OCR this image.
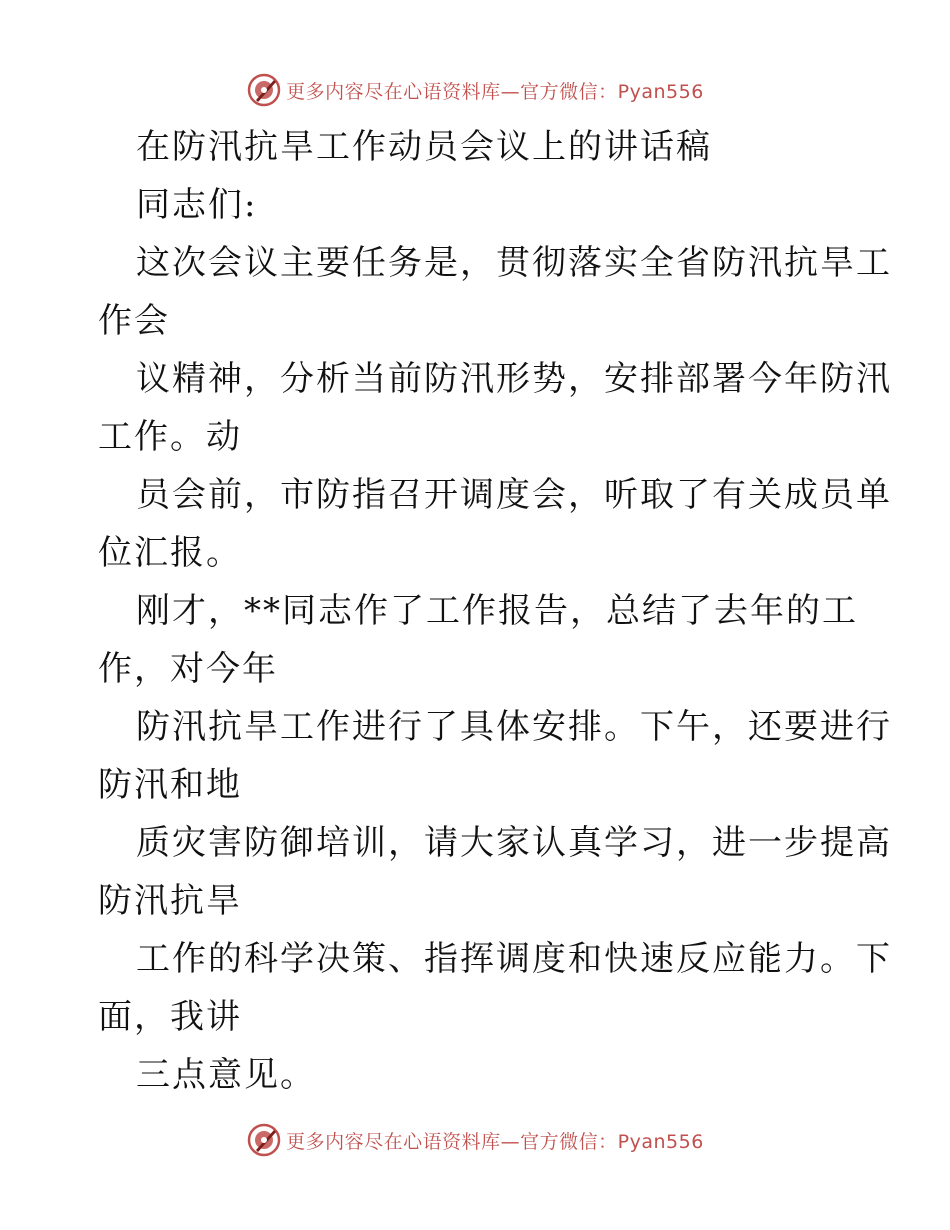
更多内容尽在心语资料库—官方微信：Pyan556
在防汛抗旱工作动员会议上的讲话稿
同志们:
这次会议主要任务是，贯彻落实全省防汛抗旱工
作会
议精神，分析当前防汛形势，安排部署今年防汛
工作。动
员会前，市防指召开调度会，听取了有关成员单
位汇报。
刚才，**同志作了工作报告，总结了去年的工
作，对今年
防汛抗旱工作进行了具体安排。下午，还要进行
防汛和地
质灾害防御培训，请大家认真学习，进一步提高
防汛抗旱
工作的科学决策、指挥调度和快速反应能力。下
面，我讲
三点意见。
更多内容尽在心语资料库—官方微信：Pyan556
